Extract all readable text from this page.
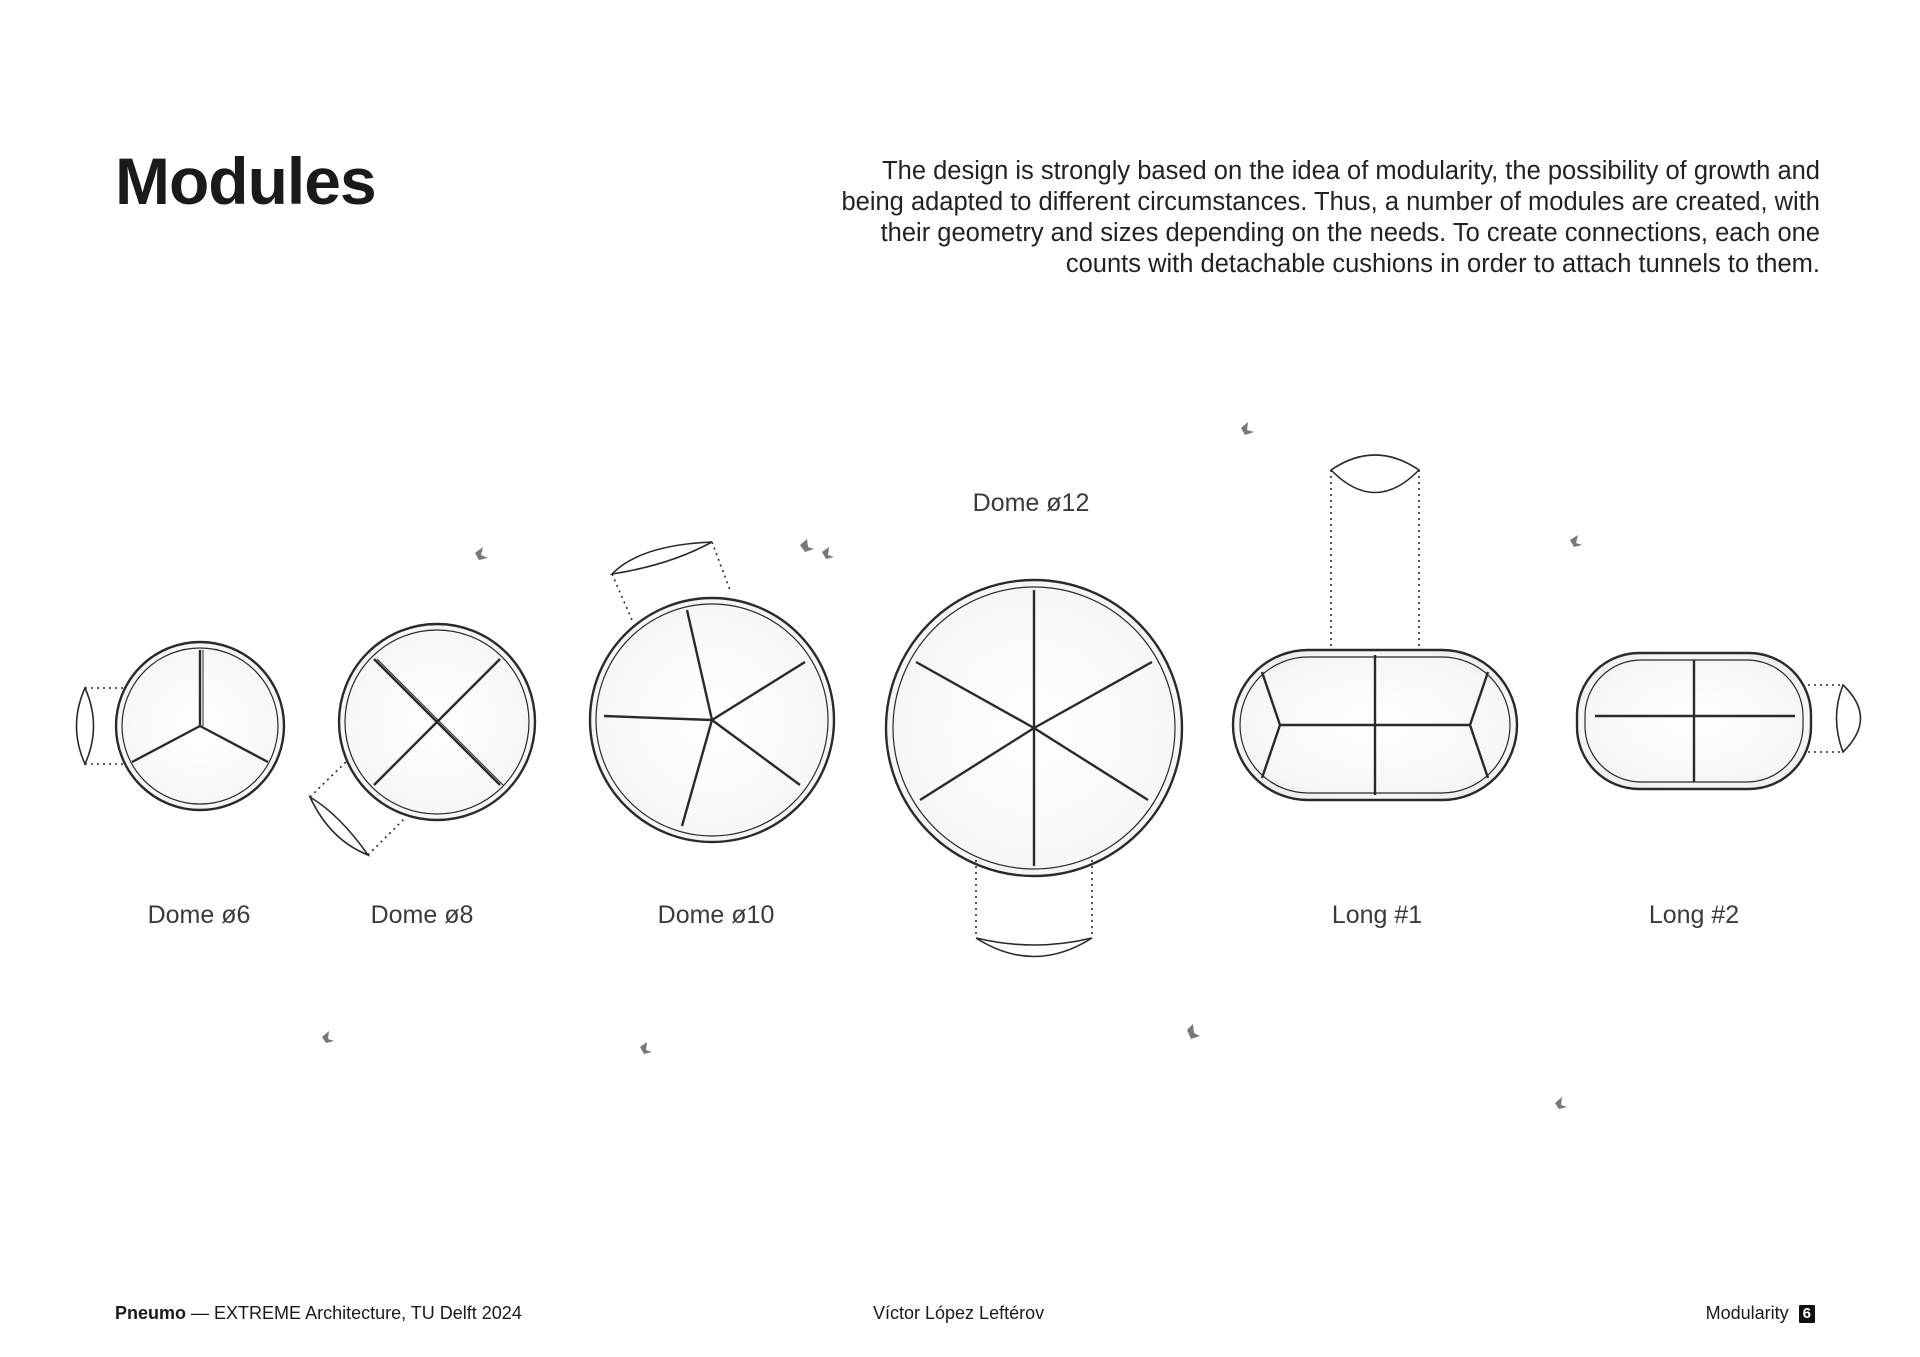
Modules	The design is strongly based on the idea of modularity, the possibility of growth and being adapted to different circumstances. Thus, a number of modules are created, with their geometry and sizes depending on the needs. To create connections, each one counts with detachable cushions in order to attach tunnels to them.

Dome ø6	Dome ø8	Dome ø10
Dome ø12
Long #1	Long #2
Pneumo — EXTREME Architecture, TU Delft 2024	Víctor López Leftérov	Modularity 6
